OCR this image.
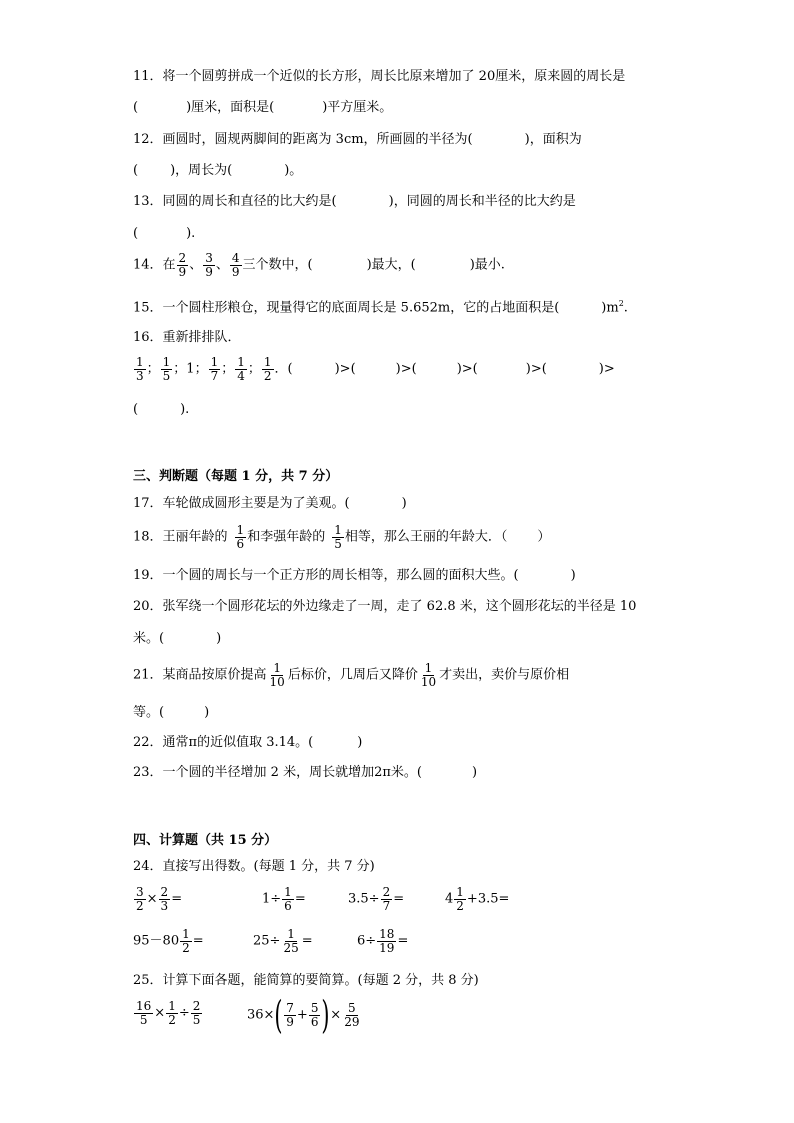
11．将一个圆剪拼成一个近似的长方形，周长比原来增加了 20厘米，原来圆的周长是
(	)厘米，面积是(	)平方厘米。
12．画圆时，圆规两脚间的距离为 3cm，所画圆的半径为(	)，面积为
( )，周长为(	)。
13．同圆的周长和直径的比大约是(	)，同圆的周长和半径的比大约是
(	).
14．在 $\frac{2}{9}$ 、 $\frac{3}{9}$ 、 $\frac{4}{9}$ 三个数中，(	)最大，(	)最小.
15．一个圆柱形粮仓，现量得它的底面周长是 5.652m，它的占地面积是(	)$m^2$.
16．重新排排队．
$\frac{1}{3}$ ； $\frac{1}{5}$ ；1； $\frac{1}{7}$ ； $\frac{1}{4}$ ； $\frac{1}{2}$ ．(	)>(	)>(	)>(	)>(	)>
(	).
三、判断题（每题 1 分，共 7 分）
17．车轮做成圆形主要是为了美观。(	)
18．王丽年龄的 $\frac{1}{6}$ 和李强年龄的 $\frac{1}{5}$ 相等，那么王丽的年龄大．（ ）
19．一个圆的周长与一个正方形的周长相等，那么圆的面积大些。(	)
20．张军绕一个圆形花坛的外边缘走了一周，走了 62.8 米，这个圆形花坛的半径是 10
米。(	)
21．某商品按原价提高 $\frac{1}{10}$ 后标价，几周后又降价 $\frac{1}{10}$ 才卖出，卖价与原价相
等。(	)
22．通常π的近似值取 3.14。(	)
23．一个圆的半径增加 2 米，周长就增加2π米。(	)
四、计算题（共 15 分）
24．直接写出得数。(每题 1 分，共 7 分)
$\frac{3}{2} \times \frac{2}{3}$ =	$1\div \frac{1}{6}$ =	$3.5\div \frac{2}{7}$ =	$4 \frac{1}{2} +3.5=$
$95-80 \frac{1}{2}$ =	$25\div \frac{1}{25}$ =	$6\div \frac{18}{19}$ =
25．计算下面各题，能简算的要简算。(每题 2 分，共 8 分)
$\frac{16}{5} \times \frac{1}{2} \div \frac{2}{5}$	$36\times( \frac{7}{9} + \frac{5}{6}$ )× $\frac{5}{29}$
